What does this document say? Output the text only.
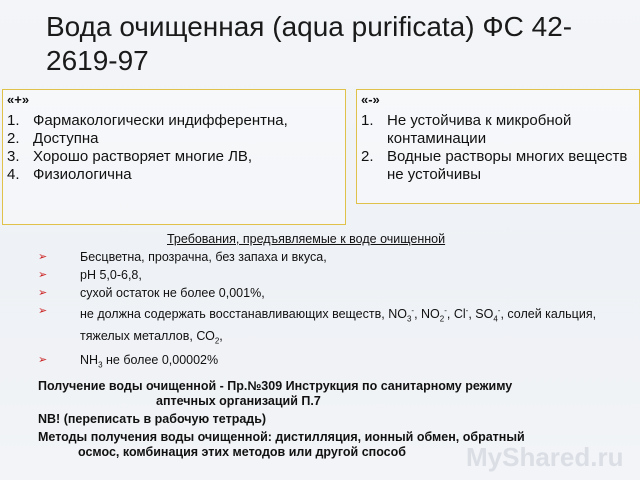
Вода очищенная (aqua purificata) ФС 42-2619-97
«+»
1. Фармакологически индифферентна,
2. Доступна
3. Хорошо растворяет многие ЛВ,
4. Физиологична
«-»
1. Не устойчива к микробной контаминации
2. Водные растворы многих веществ не устойчивы
Требования, предъявляемые к воде очищенной
➢	Бесцветна, прозрачна, без запаха и вкуса,
➢	рН 5,0-6,8,
➢	сухой остаток не более 0,001%,
➢	не должна содержать восстанавливающих веществ, $NO_3^-$, $NO_2^-$, Cl-, $SO_4^-$, солей кальция, тяжелых металлов, $СО_2$,
➢	$NH_3$ не более 0,00002%
Получение воды очищенной - Пр.№309 Инструкция по санитарному режиму
аптечных организаций П.7
NB! (переписать в рабочую тетрадь)
Методы получения воды очищенной: дистилляция, ионный обмен, обратный
осмос, комбинация этих методов или другой способ	MyShared.ru
